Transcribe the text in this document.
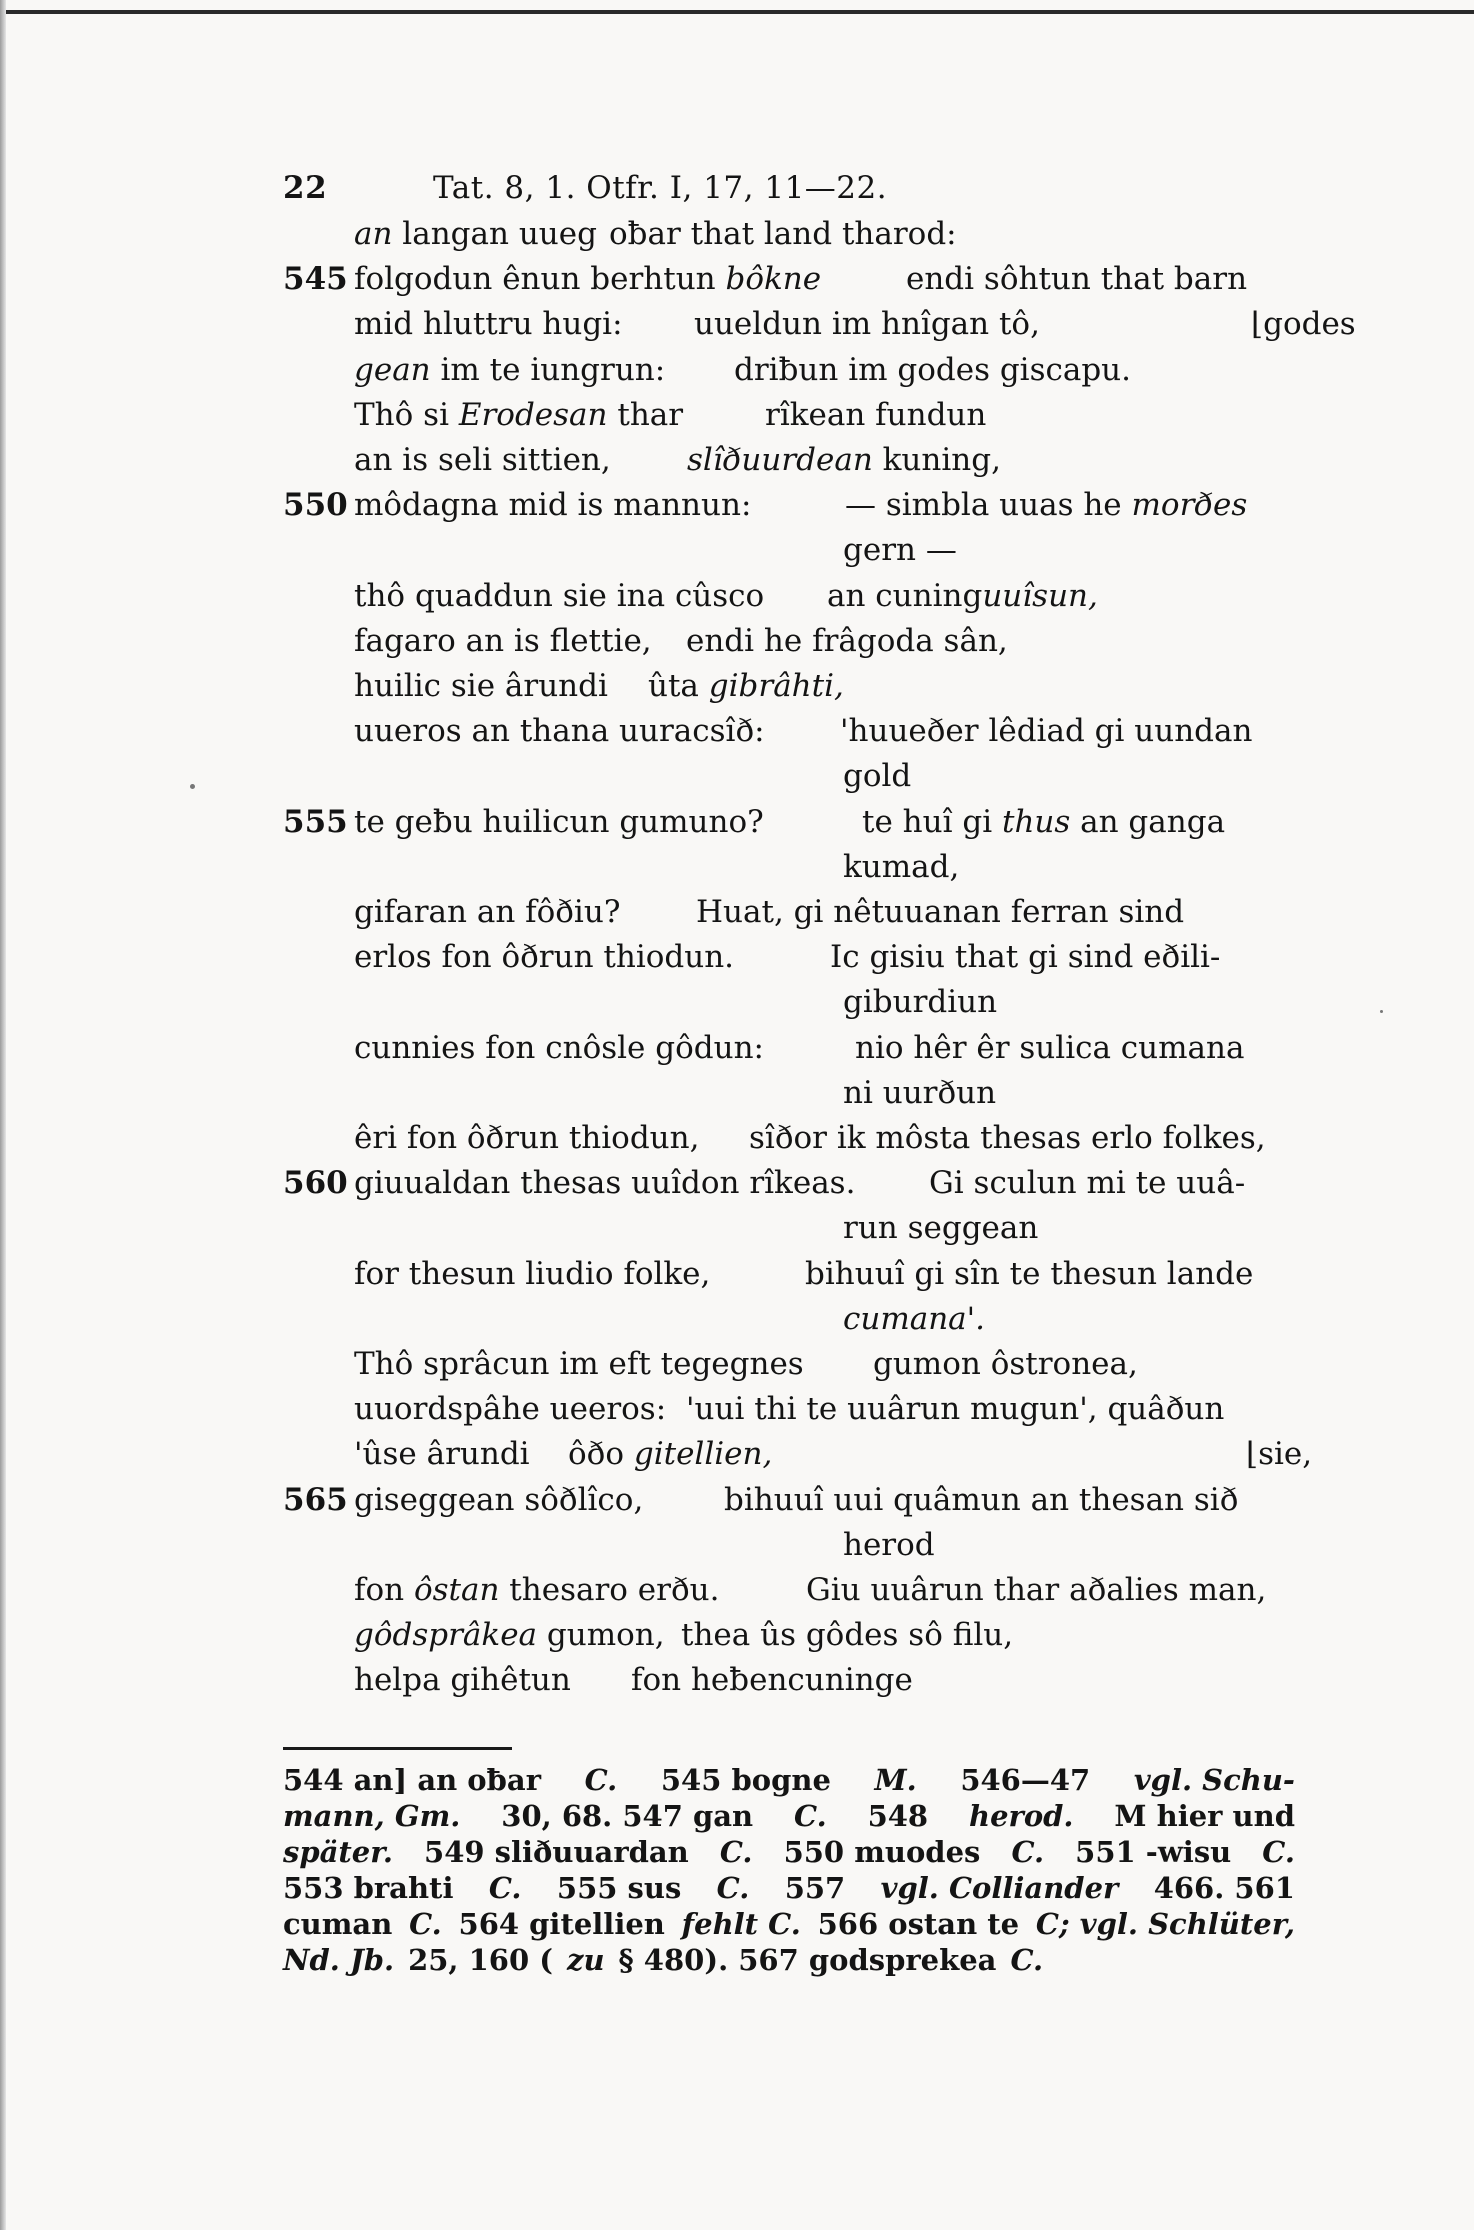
22	Tat. 8, 1. Otfr. I, 17, 11—22.
an langan uueg oƀar that land tharod:
545 folgodun ênun berhtun bôkne	endi sôhtun that barn
mid hluttru hugi: uueldun im hnîgan tô,	⌊godes
gean im te iungrun: driƀun im godes giscapu.
Thô si Erodesan thar	rîkean fundun
an is seli sittien, slîðuurdean kuning,
550 môdagna mid is mannun:	— simbla uuas he morðes
gern —
thô quaddun sie ina cûsco an cuninguuîsun,
fagaro an is flettie, endi he frâgoda sân,
huilic sie ârundi ûta gibrâhti,
uueros an thana uuracsîð: 'huueðer lêdiad gi uundan
gold
555 te geƀu huilicun gumuno?	te huî gi thus an ganga
kumad,
gifaran an fôðiu? Huat, gi nêtuuanan ferran sind
erlos fon ôðrun thiodun.	Ic gisiu that gi sind eðili-
giburdiun
cunnies fon cnôsle gôdun:	nio hêr êr sulica cumana
ni uurðun
êri fon ôðrun thiodun, sîðor ik môsta thesas erlo folkes,
560 giuualdan thesas uuîdon rîkeas. Gi sculun mi te uuâ-
run seggean
for thesun liudio folke,	bihuuî gi sîn te thesun lande
cumana'.
Thô sprâcun im eft tegegnes gumon ôstronea,
uuordspâhe ueeros: 'uui thi te uuârun mugun', quâðun
'ûse ârundi ôðo gitellien,	⌊sie,
565 giseggean sôðlîco,	bihuuî uui quâmun an thesan sið
herod
fon ôstan thesaro erðu.	Giu uuârun thar aðalies man,
gôdsprâkea gumon, thea ûs gôdes sô filu,
helpa gihêtun fon heƀencuninge
544 an] an oƀar C. 545 bogne M. 546—47 vgl. Schu-
mann, Gm. 30, 68. 547 gan C. 548 herod. M hier und
später. 549 sliðuuardan C. 550 muodes C. 551 -wisu C.
553 brahti C. 555 sus C. 557 vgl. Colliander 466. 561
cuman C. 564 gitellien fehlt C. 566 ostan te C; vgl. Schlüter,
Nd. Jb. 25, 160 ( zu § 480). 567 godsprekea C.
